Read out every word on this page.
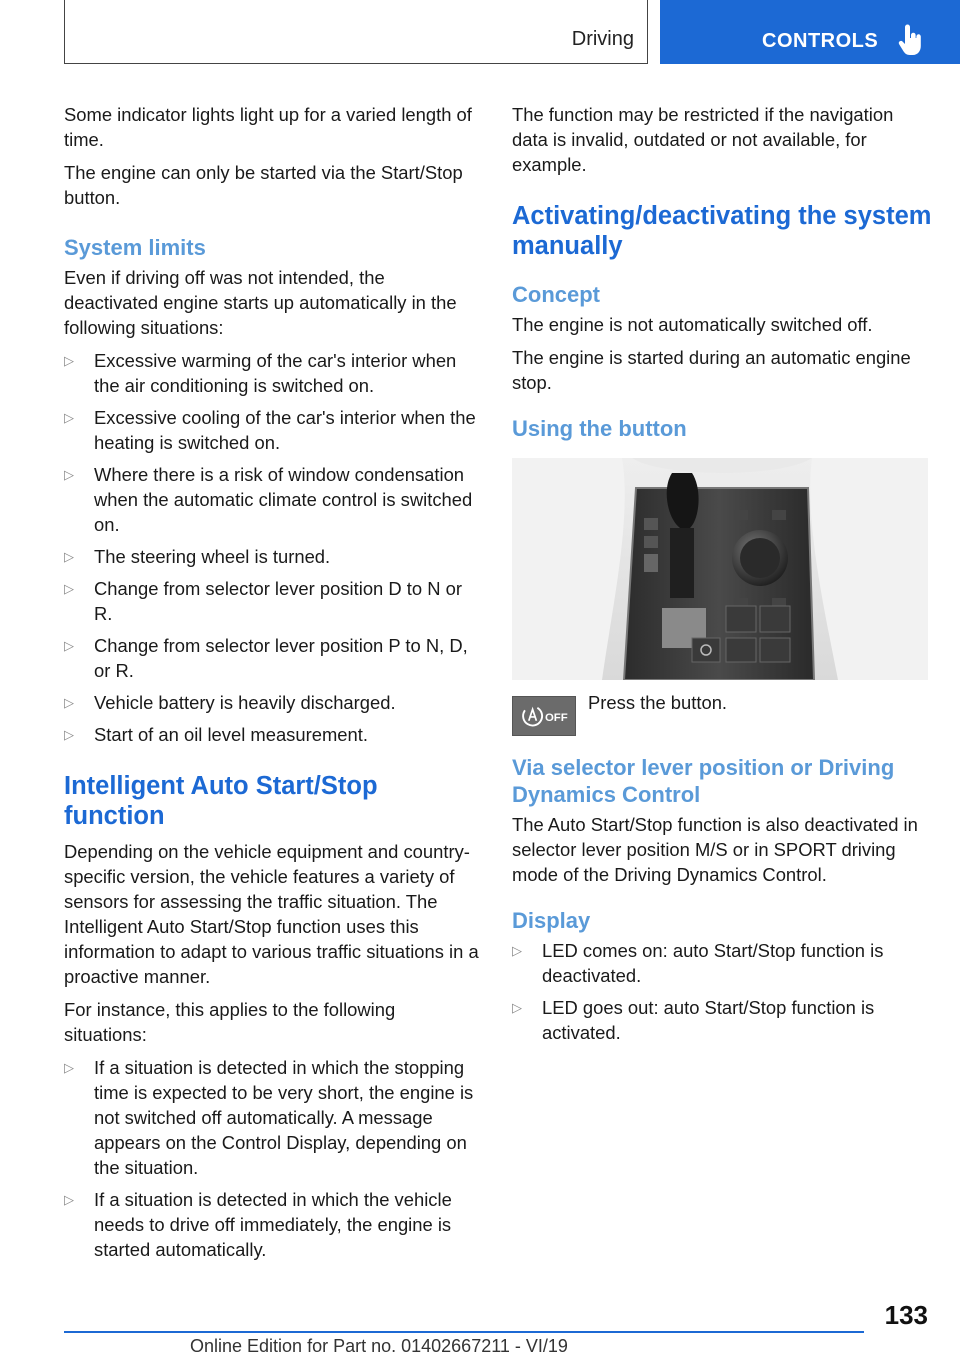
Driving	CONTROLS

Some indicator lights light up for a varied length of time.

The engine can only be started via the Start/Stop button.

System limits

Even if driving off was not intended, the deactivated engine starts up automatically in the following situations:

▷ Excessive warming of the car's interior when the air conditioning is switched on.
▷ Excessive cooling of the car's interior when the heating is switched on.
▷ Where there is a risk of window condensation when the automatic climate control is switched on.
▷ The steering wheel is turned.
▷ Change from selector lever position D to N or R.
▷ Change from selector lever position P to N, D, or R.
▷ Vehicle battery is heavily discharged.
▷ Start of an oil level measurement.
Intelligent Auto Start/Stop function

Depending on the vehicle equipment and country-specific version, the vehicle features a variety of sensors for assessing the traffic situation. The Intelligent Auto Start/Stop function uses this information to adapt to various traffic situations in a proactive manner.

For instance, this applies to the following situations:

▷ If a situation is detected in which the stopping time is expected to be very short, the engine is not switched off automatically. A message appears on the Control Display, depending on the situation.
▷ If a situation is detected in which the vehicle needs to drive off immediately, the engine is started automatically.

The function may be restricted if the navigation data is invalid, outdated or not available, for example.

Activating/deactivating the system manually
Concept

The engine is not automatically switched off.

The engine is started during an automatic engine stop.

Using the button
OFF
Press the button.
Via selector lever position or Driving Dynamics Control

The Auto Start/Stop function is also deactivated in selector lever position M/S or in SPORT driving mode of the Driving Dynamics Control.

Display
▷ LED comes on: auto Start/Stop function is deactivated.
▷ LED goes out: auto Start/Stop function is activated.
133
Online Edition for Part no. 01402667211 - VI/19
